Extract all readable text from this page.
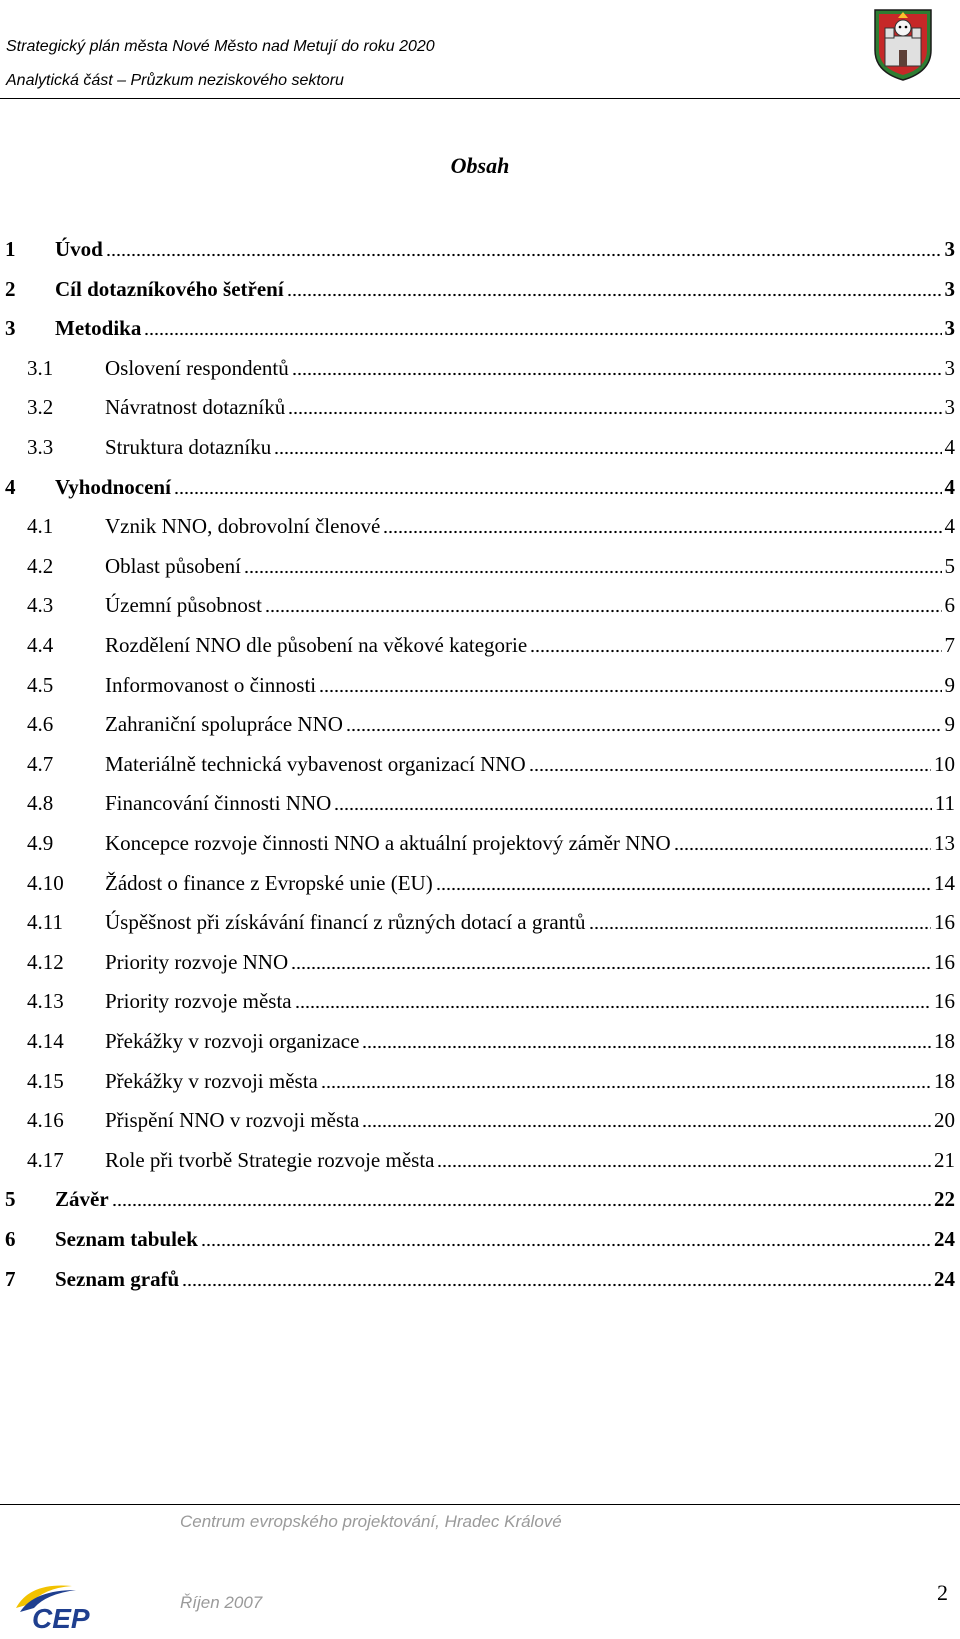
Strategický plán města Nové Město nad Metují do roku 2020
Analytická část – Průzkum neziskového sektoru
Obsah
1 Úvod	3
2 Cíl dotazníkového šetření	3
3 Metodika	3
3.1 Oslovení respondentů	3
3.2 Návratnost dotazníků	3
3.3 Struktura dotazníku	4
4 Vyhodnocení	4
4.1 Vznik NNO, dobrovolní členové	4
4.2 Oblast působení	5
4.3 Územní působnost	6
4.4 Rozdělení NNO dle působení na věkové kategorie	7
4.5 Informovanost o činnosti	9
4.6 Zahraniční spolupráce NNO	9
4.7 Materiálně technická vybavenost organizací NNO	10
4.8 Financování činnosti NNO	11
4.9 Koncepce rozvoje činnosti NNO a aktuální projektový záměr NNO	13
4.10 Žádost o finance z Evropské unie (EU)	14
4.11 Úspěšnost při získávání financí z různých dotací a grantů	16
4.12 Priority rozvoje NNO	16
4.13 Priority rozvoje města	16
4.14 Překážky v rozvoji organizace	18
4.15 Překážky v rozvoji města	18
4.16 Přispění NNO v rozvoji města	20
4.17 Role při tvorbě Strategie rozvoje města	21
5 Závěr	22
6 Seznam tabulek	24
7 Seznam grafů	24
Centrum evropského projektování, Hradec Králové
Říjen 2007	2
CEP
